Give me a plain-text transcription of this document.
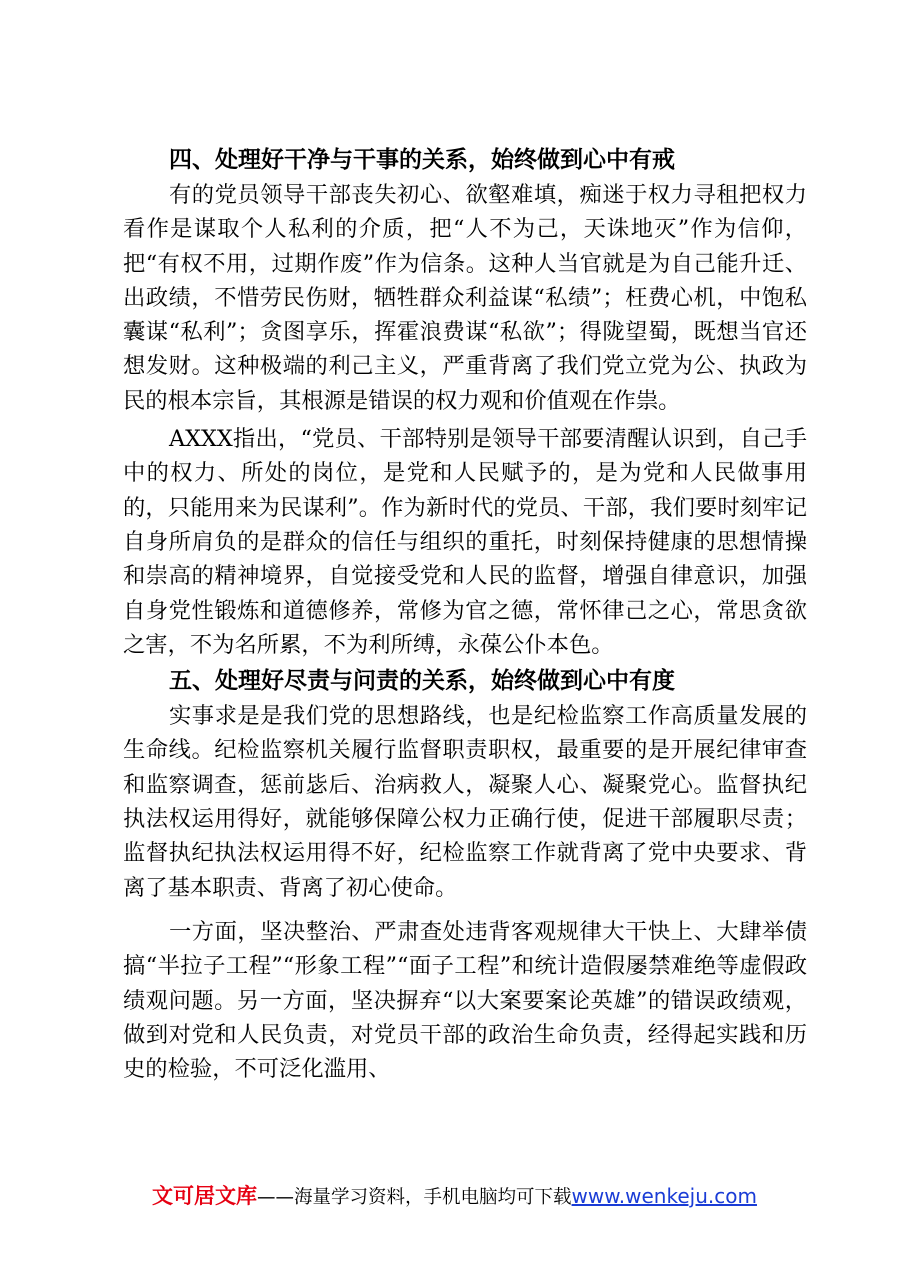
四、处理好干净与干事的关系，始终做到心中有戒

有的党员领导干部丧失初心、欲壑难填，痴迷于权力寻租把权力看作是谋取个人私利的介质，把“人不为己，天诛地灭”作为信仰，把“有权不用，过期作废”作为信条。这种人当官就是为自己能升迁、出政绩，不惜劳民伤财，牺牲群众利益谋“私绩”；枉费心机，中饱私囊谋“私利”；贪图享乐，挥霍浪费谋“私欲”；得陇望蜀，既想当官还想发财。这种极端的利己主义，严重背离了我们党立党为公、执政为民的根本宗旨，其根源是错误的权力观和价值观在作祟。

AXXX指出，“党员、干部特别是领导干部要清醒认识到，自己手中的权力、所处的岗位，是党和人民赋予的，是为党和人民做事用的，只能用来为民谋利”。作为新时代的党员、干部，我们要时刻牢记自身所肩负的是群众的信任与组织的重托，时刻保持健康的思想情操和崇高的精神境界，自觉接受党和人民的监督，增强自律意识，加强自身党性锻炼和道德修养，常修为官之德，常怀律己之心，常思贪欲之害，不为名所累，不为利所缚，永葆公仆本色。

五、处理好尽责与问责的关系，始终做到心中有度

实事求是是我们党的思想路线，也是纪检监察工作高质量发展的生命线。纪检监察机关履行监督职责职权，最重要的是开展纪律审查和监察调查，惩前毖后、治病救人，凝聚人心、凝聚党心。监督执纪执法权运用得好，就能够保障公权力正确行使，促进干部履职尽责；监督执纪执法权运用得不好，纪检监察工作就背离了党中央要求、背离了基本职责、背离了初心使命。

一方面，坚决整治、严肃查处违背客观规律大干快上、大肆举债搞“半拉子工程”“形象工程”“面子工程”和统计造假屡禁难绝等虚假政绩观问题。另一方面，坚决摒弃“以大案要案论英雄”的错误政绩观，做到对党和人民负责，对党员干部的政治生命负责，经得起实践和历史的检验，不可泛化滥用、

文可居文库——海量学习资料，手机电脑均可下载www.wenkeju.com
